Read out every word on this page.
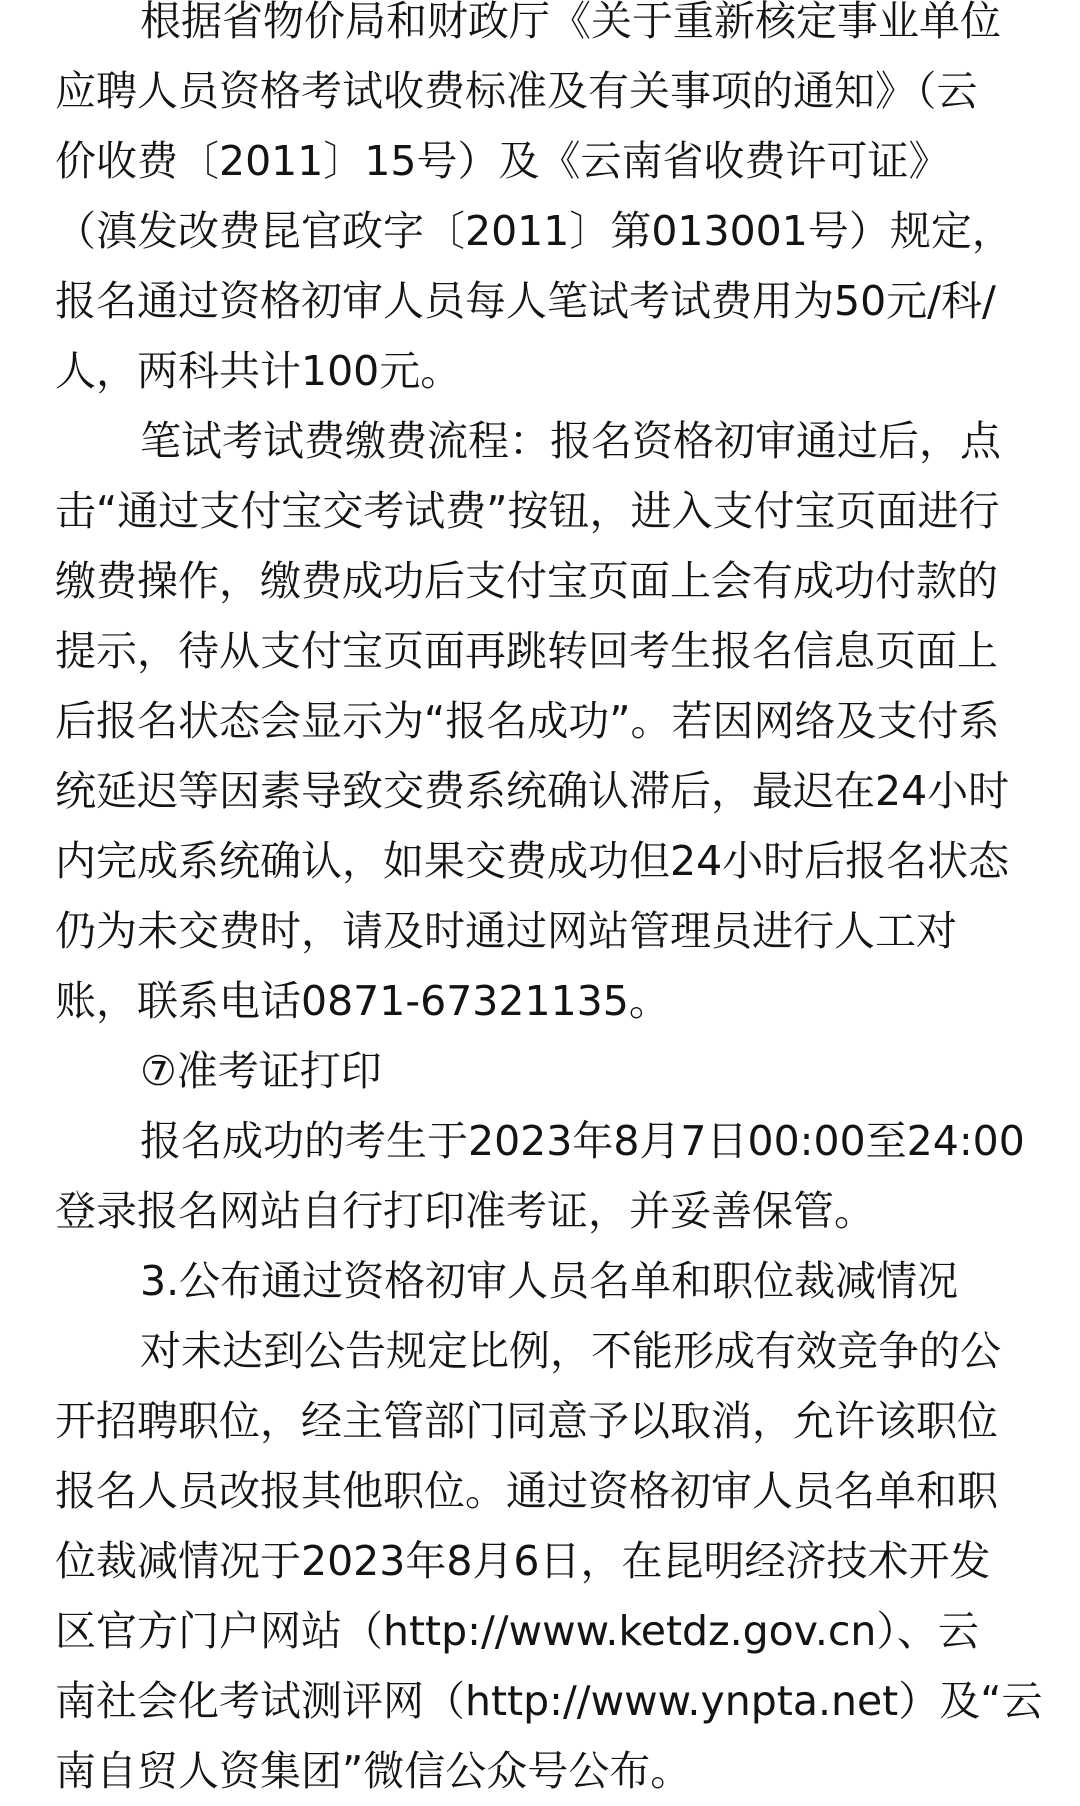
根据省物价局和财政厅《关于重新核定事业单位
应聘人员资格考试收费标准及有关事项的通知》（云
价收费〔2011〕15号）及《云南省收费许可证》
（滇发改费昆官政字〔2011〕第013001号）规定，
报名通过资格初审人员每人笔试考试费用为50元/科/
人，两科共计100元。
笔试考试费缴费流程：报名资格初审通过后，点
击“通过支付宝交考试费”按钮，进入支付宝页面进行
缴费操作，缴费成功后支付宝页面上会有成功付款的
提示，待从支付宝页面再跳转回考生报名信息页面上
后报名状态会显示为“报名成功”。若因网络及支付系
统延迟等因素导致交费系统确认滞后，最迟在24小时
内完成系统确认，如果交费成功但24小时后报名状态
仍为未交费时，请及时通过网站管理员进行人工对
账，联系电话0871-67321135。
⑦准考证打印
报名成功的考生于2023年8月7日00:00至24:00
登录报名网站自行打印准考证，并妥善保管。
3.公布通过资格初审人员名单和职位裁减情况
对未达到公告规定比例，不能形成有效竞争的公
开招聘职位，经主管部门同意予以取消，允许该职位
报名人员改报其他职位。通过资格初审人员名单和职
位裁减情况于2023年8月6日，在昆明经济技术开发
区官方门户网站（http://www.ketdz.gov.cn）、云
南社会化考试测评网（http://www.ynpta.net）及“云
南自贸人资集团”微信公众号公布。
